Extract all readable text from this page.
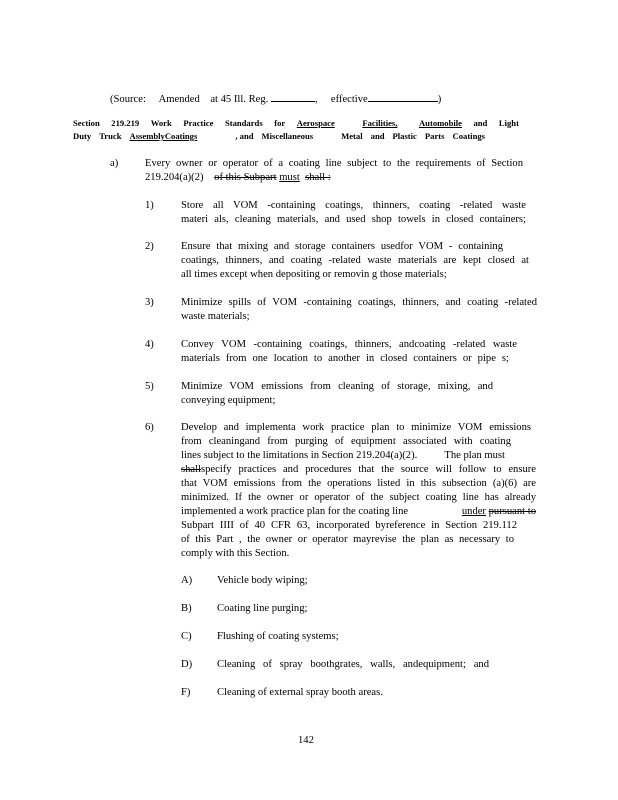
(Source: Amended at 45 Ill. Reg.	, effective	)
Section 219.219 Work Practice Standards for Aerospace	Facilities,	Automobile and Light
Duty Truck AssemblyCoatings	, and Miscellaneous	Metal and Plastic Parts Coatings
a)	Every owner or operator of a coating line subject to the requirements of Section
219.204(a)(2) of this Subpart must shall :
1)	Store all VOM -containing coatings, thinners, coating -related waste
materi als, cleaning materials, and used shop towels in closed containers;
2)	Ensure that mixing and storage containers usedfor VOM - containing
coatings, thinners, and coating -related waste materials are kept closed at
all times except when depositing or removin g those materials;
3)	Minimize spills of VOM -containing coatings, thinners, and coating -related
waste materials;
4)	Convey VOM -containing coatings, thinners, andcoating -related waste
materials from one location to another in closed containers or pipe s;
5)	Minimize VOM emissions from cleaning of storage, mixing, and
conveying equipment;
6)	Develop and implementa work practice plan to minimize VOM emissions
from cleaningand from purging of equipment associated with coating
lines subject to the limitations in Section 219.204(a)(2).	The plan must
shall specify practices and procedures that the source will follow to ensure
that VOM emissions from the operations listed in this subsection (a)(6) are
minimized. If the owner or operator of the subject coating line has already
implemented a work practice plan for the coating line	under pursuant to
Subpart IIII of 40 CFR 63, incorporated byreference in Section 219.112
of this Part , the owner or operator mayrevise the plan as necessary to
comply with this Section.
A) Vehicle body wiping;
B) Coating line purging;
C) Flushing of coating systems;
D) Cleaning of spray boothgrates, walls, andequipment; and
F)	Cleaning of external spray booth areas.
142
